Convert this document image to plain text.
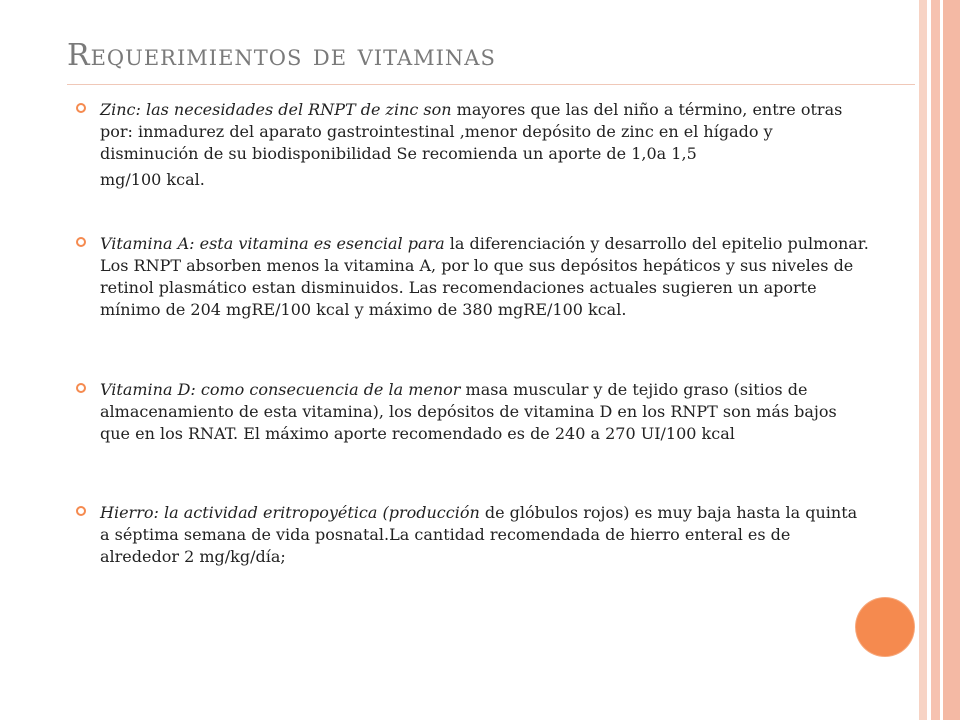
Requerimientos de vitaminas

Zinc: las necesidades del RNPT de zinc son mayores que las del niño a término, entre otras por: inmadurez del aparato gastrointestinal ,menor depósito de zinc en el hígado y disminución de su biodisponibilidad Se recomienda un aporte de 1,0a 1,5
mg/100 kcal.

Vitamina A: esta vitamina es esencial para la diferenciación y desarrollo del epitelio pulmonar. Los RNPT absorben menos la vitamina A, por lo que sus depósitos hepáticos y sus niveles de retinol plasmático estan disminuidos. Las recomendaciones actuales sugieren un aporte mínimo de 204 mgRE/100 kcal y máximo de 380 mgRE/100 kcal.

Vitamina D: como consecuencia de la menor masa muscular y de tejido graso (sitios de almacenamiento de esta vitamina), los depósitos de vitamina D en los RNPT son más bajos que en los RNAT. El máximo aporte recomendado es de 240 a 270 UI/100 kcal

Hierro: la actividad eritropoyética (producción de glóbulos rojos) es muy baja hasta la quinta a séptima semana de vida posnatal.La cantidad recomendada de hierro enteral es de alrededor 2 mg/kg/día;
